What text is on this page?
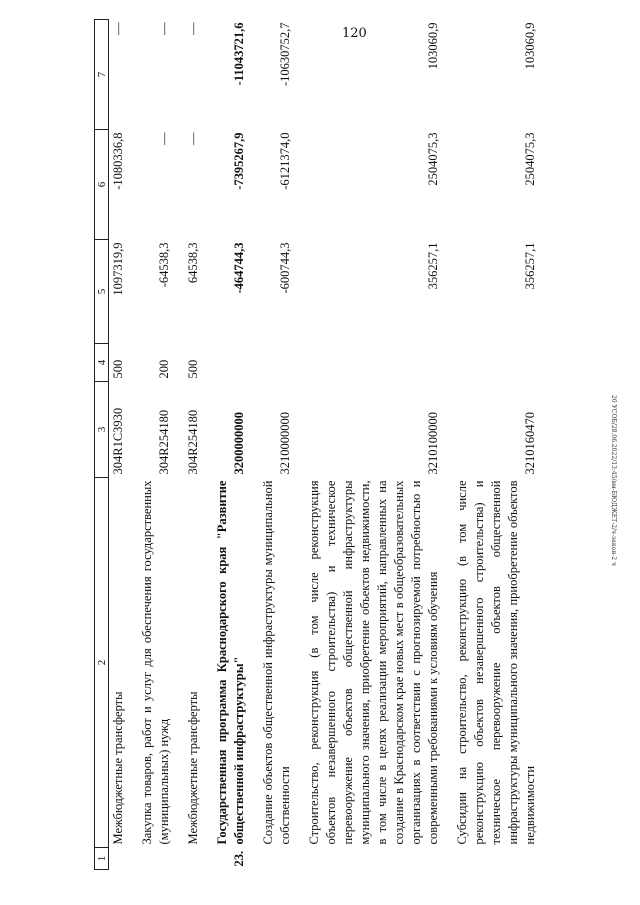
120
20 УСОБ/28.06.2022/13:45/вм-БЮДЖЕТ-2/ч-закон-2 ч
1	2	3	4	5	6	7
	Межбюджетные трансферты	304R1C3930	500	1097319,9	-1080336,8	—

	Закупка товаров, работ и услуг для обеспечения государственных (муниципальных) нужд	304R254180	200	-64538,3	—	—

	Межбюджетные трансферты	304R254180	500	64538,3	—	—

23.	Государственная программа Краснодарского края "Развитие общественной инфраструктуры"	3200000000		-464744,3	-7395267,9	-11043721,6

	Создание объектов общественной инфраструктуры муниципальной собственности	3210000000		-600744,3	-6121374,0	-10630752,7

	Строительство, реконструкция (в том числе реконструкция объектов незавершенного строительства) и техническое перевооружение объектов общественной инфраструктуры муниципального значения, приобретение объектов недвижимости, в том числе в целях реализации мероприятий, направленных на создание в Краснодарском крае новых мест в общеобразовательных организациях в соответствии с прогнозируемой потребностью и современными требованиями к условиям обучения	3210100000		356257,1	2504075,3	103060,9

	Субсидии на строительство, реконструкцию (в том числе реконструкцию объектов незавершенного строительства) и техническое перевооружение объектов общественной инфраструктуры муниципального значения, приобретение объектов недвижимости	3210160470		356257,1	2504075,3	103060,9
